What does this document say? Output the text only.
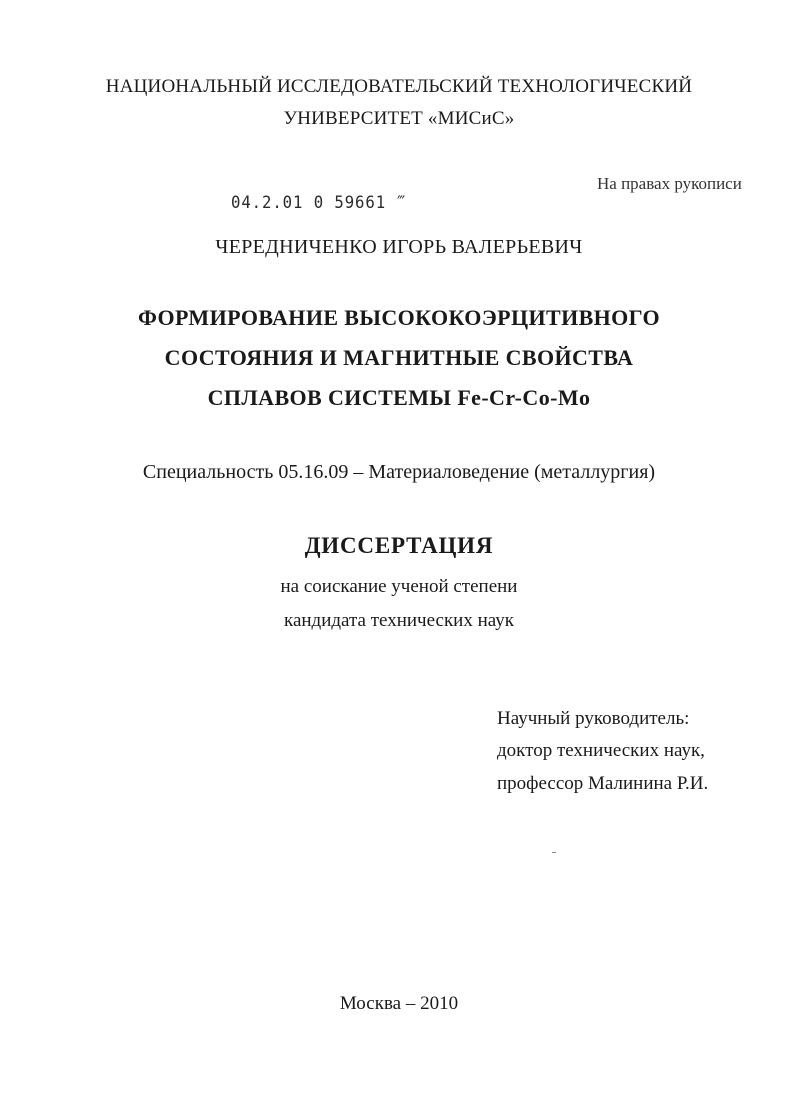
НАЦИОНАЛЬНЫЙ ИССЛЕДОВАТЕЛЬСКИЙ ТЕХНОЛОГИЧЕСКИЙ
УНИВЕРСИТЕТ «МИСиС»
На правах рукописи
04.2.01 0 59661 ‴
ЧЕРЕДНИЧЕНКО ИГОРЬ ВАЛЕРЬЕВИЧ
ФОРМИРОВАНИЕ ВЫСОКОКОЭРЦИТИВНОГО
СОСТОЯНИЯ И МАГНИТНЫЕ СВОЙСТВА
СПЛАВОВ СИСТЕМЫ Fe-Cr-Co-Mo
Специальность 05.16.09 – Материаловедение (металлургия)
ДИССЕРТАЦИЯ
на соискание ученой степени
кандидата технических наук
Научный руководитель:
доктор технических наук,
профессор Малинина Р.И.
Москва – 2010
